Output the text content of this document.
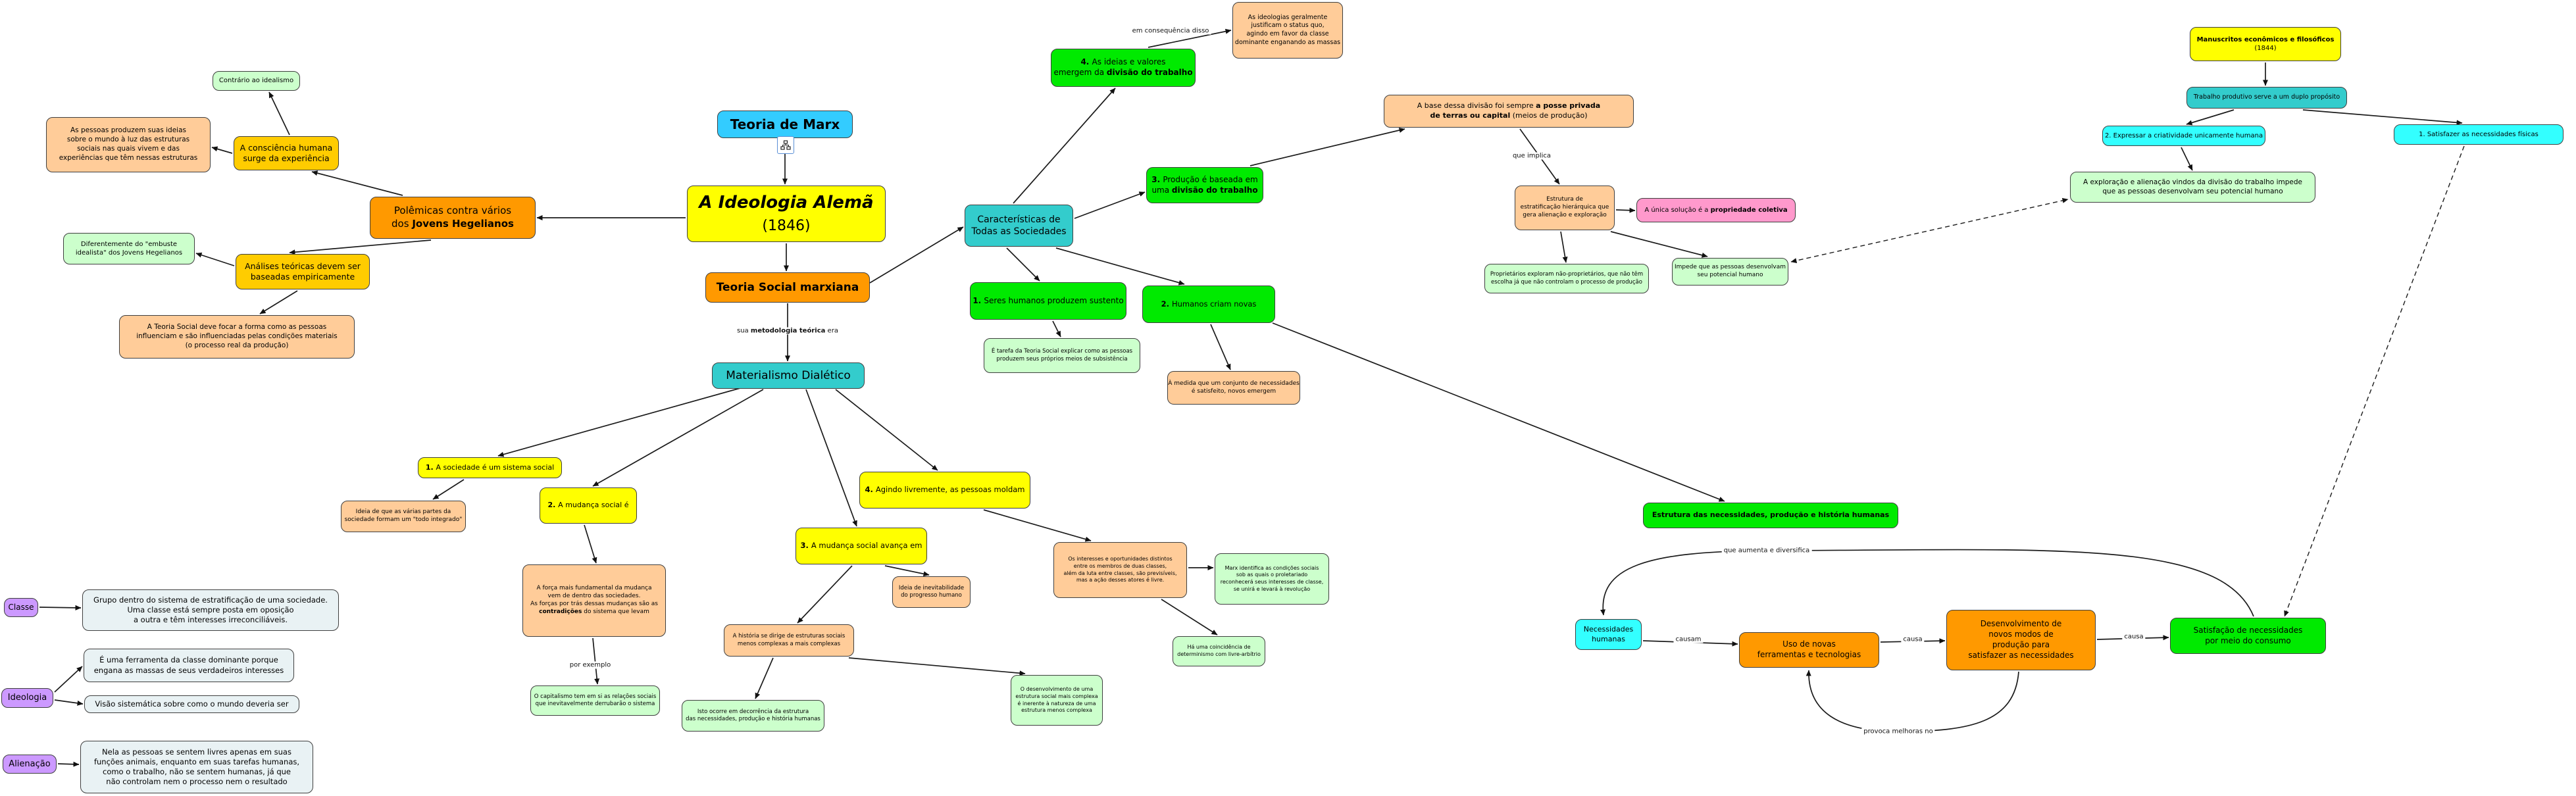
sua metodologia teórica era
em consequência disso
que implica
por exemplo
causam	causa	causa
que aumenta e diversifica
provoca melhoras no
Contrário ao idealismo
As pessoas produzem suas ideias
sobre o mundo à luz das estruturas
sociais nas quais vivem e das
experiências que têm nessas estruturas
A consciência humana
surge da experiência
Polêmicas contra vários
dos Jovens Hegelianos
Diferentemente do "embuste
idealista" dos Jovens Hegelianos
Análises teóricas devem ser
baseadas empiricamente
A Teoria Social deve focar a forma como as pessoas
influenciam e são influenciadas pelas condições materiais
(o processo real da produção)
Teoria de Marx
A Ideologia Alemã
(1846)
Teoria Social marxiana
Materialismo Dialético
Características de
Todas as Sociedades
4. As ideias e valores
emergem da divisão do trabalho
As ideologias geralmente
justificam o status quo,
agindo em favor da classe
dominante enganando as massas
3. Produção é baseada em
uma divisão do trabalho
A base dessa divisão foi sempre a posse privada
de terras ou capital (meios de produção)
Estrutura de
estratificação hierárquica que
gera alienação e exploração
A única solução é a propriedade coletiva
Proprietários exploram não-proprietários, que não têm
escolha já que não controlam o processo de produção
Impede que as pessoas desenvolvam
seu potencial humano
1. Seres humanos produzem sustento	2. Humanos criam novas
É tarefa da Teoria Social explicar como as pessoas
produzem seus próprios meios de subsistência
À medida que um conjunto de necessidades
é satisfeito, novos emergem
1. A sociedade é um sistema social
2. A mudança social é
4. Agindo livremente, as pessoas moldam
3. A mudança social avança em
Ideia de que as várias partes da
sociedade formam um "todo integrado"
A força mais fundamental da mudança
vem de dentro das sociedades.
As forças por trás dessas mudanças são as
contradições do sistema que levam
O capitalismo tem em si as relações sociais
que inevitavelmente derrubarão o sistema
Ideia de inevitabilidade
do progresso humano
A história se dirige de estruturas sociais
menos complexas a mais complexas
Isto ocorre em decorrência da estrutura
das necessidades, produção e história humanas
O desenvolvimento de uma
estrutura social mais complexa
é inerente à natureza de uma
estrutura menos complexa
Os interesses e oportunidades distintos
entre os membros de duas classes,
além da luta entre classes, são previsíveis,
mas a ação desses atores é livre.
Marx identifica as condições sociais
sob as quais o proletariado
reconhecerá seus interesses de classe,
se unirá e levará à revolução
Há uma coincidência de
determinismo com livre-arbítrio
Classe
Grupo dentro do sistema de estratificação de uma sociedade.
Uma classe está sempre posta em oposição
a outra e têm interesses irreconciliáveis.
Ideologia
É uma ferramenta da classe dominante porque
engana as massas de seus verdadeiros interesses
Visão sistemática sobre como o mundo deveria ser
Alienação
Nela as pessoas se sentem livres apenas em suas
funções animais, enquanto em suas tarefas humanas,
como o trabalho, não se sentem humanas, já que
não controlam nem o processo nem o resultado
Manuscritos econômicos e filosóficos
(1844)
Trabalho produtivo serve a um duplo propósito
2. Expressar a criatividade unicamente humana	1. Satisfazer as necessidades físicas
A exploração e alienação vindos da divisão do trabalho impede
que as pessoas desenvolvam seu potencial humano
Estrutura das necessidades, produção e história humanas
Necessidades
humanas
Uso de novas
ferramentas e tecnologias
Desenvolvimento de
novos modos de
produção para
satisfazer as necessidades
Satisfação de necessidades
por meio do consumo
